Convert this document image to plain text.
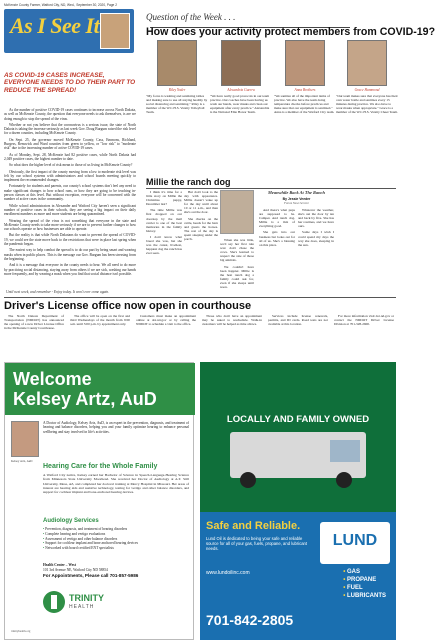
McKenzie County Farmer, Watford City, ND, Wed., September 30, 2020, Page 2
As I See It
AS COVID-19 CASES INCREASE, EVERYONE NEEDS TO DO THEIR PART TO REDUCE THE SPREAD!

As the number of positive COVID-19 cases continues to increase across North Dakota, as well as McKenzie County, the question that everyone needs to ask themselves, is are we doing enough to stop the spread of the virus.

Whether or not you believe that the coronavirus is a serious issue, the state of North Dakota is taking the increase seriously as last week Gov. Doug Burgum raised the risk level for a dozen counties, including McKenzie County.

On Sept. 25, the governor moved McKenzie County, Cass, Emmons, Richland, Burgess, Renswick and Ward counties from green to yellow, or "low risk" to "moderate risk" due to the increasing number of active COVID-19 cases.

As of Monday, Sept. 28, McKenzie had 82 positive cases, while North Dakota had 2,049 positive cases, the highest number to date.

So what does the higher level of risk mean to those of us living in McKenzie County?

Obviously, the first impact of the county moving from a low to moderate risk level was felt by our school systems with administrators and school boards meeting quickly to implement the recommended changes.

Fortunately for students and parents, our county's school systems don't feel any need to make significant changes to how school runs, or how they are going to be teaching in-person classes at this level. But without exception, everyone will be concerned with the number of active cases in the community.

While school administrators in Alexander and Watford City haven't seen a significant number of positive cases in their schools, they are seeing a big impact on their daily enrollment numbers as more and more students are being quarantined.

Wearing the spread of the virus is not something that everyone in the state and McKenzie County needs to take more seriously if we are to prevent further changes to how our schools operate or how businesses are able to operate.

But the reality is that while North Dakotans do want to prevent the spread of COVID-19, we could see the state move back to the restrictions that were in place last spring when the pandemic began.

The easiest way to help combat the spread is to do our part by being smart and wearing masks when in public places. This is the message our Gov. Burgum has been stressing from the beginning.

And it is a message that everyone in the county needs to hear. We all need to do more by practicing social distancing, staying away from others if we are sick, washing our hands more frequently, and by wearing a mask when you find that social distance isn't possible.

Until next week, and remember - Enjoy today. It won't ever come again.
Question of the Week . . .
How does your activity protect members from COVID-19?
Riley Yoder
"My focus is washing and sanitizing tables and making sure to use all staying healthy by social distancing and sanitizing." Riley is a member of the W.C.H.S. Varsity Volleyball Team.
Alexandria Guerra
"We have really good protocols in our team practice. Our coaches have been having us wash our hands, wear masks and clean our equipment after every practice." Alexandria is the National Elite Honor Team.
Anna Brothers
"We sanitize all of the important items of practice. We also have the team doing temperature checks before practices and make sure that our equipment is sanitized." Anna is a member of the Watford City team.
Grace Hammond
"Our team makes sure that everyone has their own water bottle and sanitizes every 15 minutes during practice. We also have to wear masks when appropriate." Grace is a member of the W.C.H.S. Varsity Cheer Team.
Millie the ranch dog

I think it's time for a little story on Millie the Christmas puppy, December last?

The time Millie was first dropped on our doorstep by the mail carrier is one of the best memories in the family history.

I don't know what breed she was, but she was the cutest, liveliest, happiest dog the ranch has ever seen.

But don't look to the day with appearance. Millie doesn't wake up for the day until about 10 or 11 a.m., and then she's out the door.

She checks on the cattle, heads for the barn and greets the horses. The rest of the day is spent sleeping under the porch.	When she was little, we'd say her first rule was: don't chase the cows. She's learned to respect the size of those big animals.

We couldn't have been happier. Millie is the best ranch dog a family could ask for, even if she sleeps until noon.

Meanwhile Back At The Ranch
By Jessie Veeder
Forum News Service

And there's what pups are supposed to be. Camper. And ranch dog. Millie is a mix of everything good.

She gets into our business but looks out for all of us. She's a blessing on this place.

Whatever the weather, she's out the door by ten and back by five. She has her routines, and we have ours.

Some days I wish I could spend my days the way she does, sleeping in the sun.

Driver's License office now open in courthouse

The North Dakota Department of Transportation (NDDOT) has announced the opening of a new Driver License Office in the McKenzie County Courthouse.

The office will be open on the first and third Wednesdays of the month from 9:00 a.m. until 3:00 p.m. by appointment only.

Customers must make an appointment online at dot.nd.gov or by calling the NDDOT to schedule a visit to the office.

Those who don't have an appointment may be asked to reschedule. Walk-in customers will be helped as time allows.

Services include license renewals, permits, and ID cards. Road tests are not available at this location.

For more information visit dot.nd.gov or contact the NDDOT Driver License Division at 701-328-2600.

Welcome
Kelsey Artz, AuD
Kelsey Artz, AuD
A Doctor of Audiology, Kelsey Artz, AuD, is an expert in the prevention, diagnosis, and treatment of hearing and balance disorders, helping you and your family optimize hearing to enhance personal wellbeing and stay involved in life's activities.
Hearing Care for the Whole Family
A Watford City native, Kelsey earned her Bachelor of Science in Speech-Language-Hearing Science from Minnesota State University Moorhead. She received her Doctor of Audiology at A.T. Still University, Mesa, AZ, and completed her doctoral training at Mercy Hospital in Missouri. Her areas of interest are hearing aids and assistive technology, testing for vertigo and other balance disorders, and support for cochlear implant and bone-anchored hearing devices.
Audiology Services
• Prevention, diagnosis, and treatment of hearing disorders
• Complete hearing and vertigo evaluations
• Assessment of vertigo and other balance disorders
• Support for cochlear implant and bone anchored hearing devices
• Networked with board certified ENT specialists
Health Center – West
101 3rd Avenue NE, Watford City ND 58854
For Appointments, Please call 701-857-5986
TRINITY
HEALTH
trinityhealth.org
LOCALLY AND FAMILY OWNED
Safe and Reliable.
Lund Oil is dedicated to being your safe and reliable source for all of your gas, fuels, propane, and lubricant needs.	LUND
• GAS
• PROPANE
• FUEL
• LUBRICANTS
www.lundoilinc.com
701-842-2805
